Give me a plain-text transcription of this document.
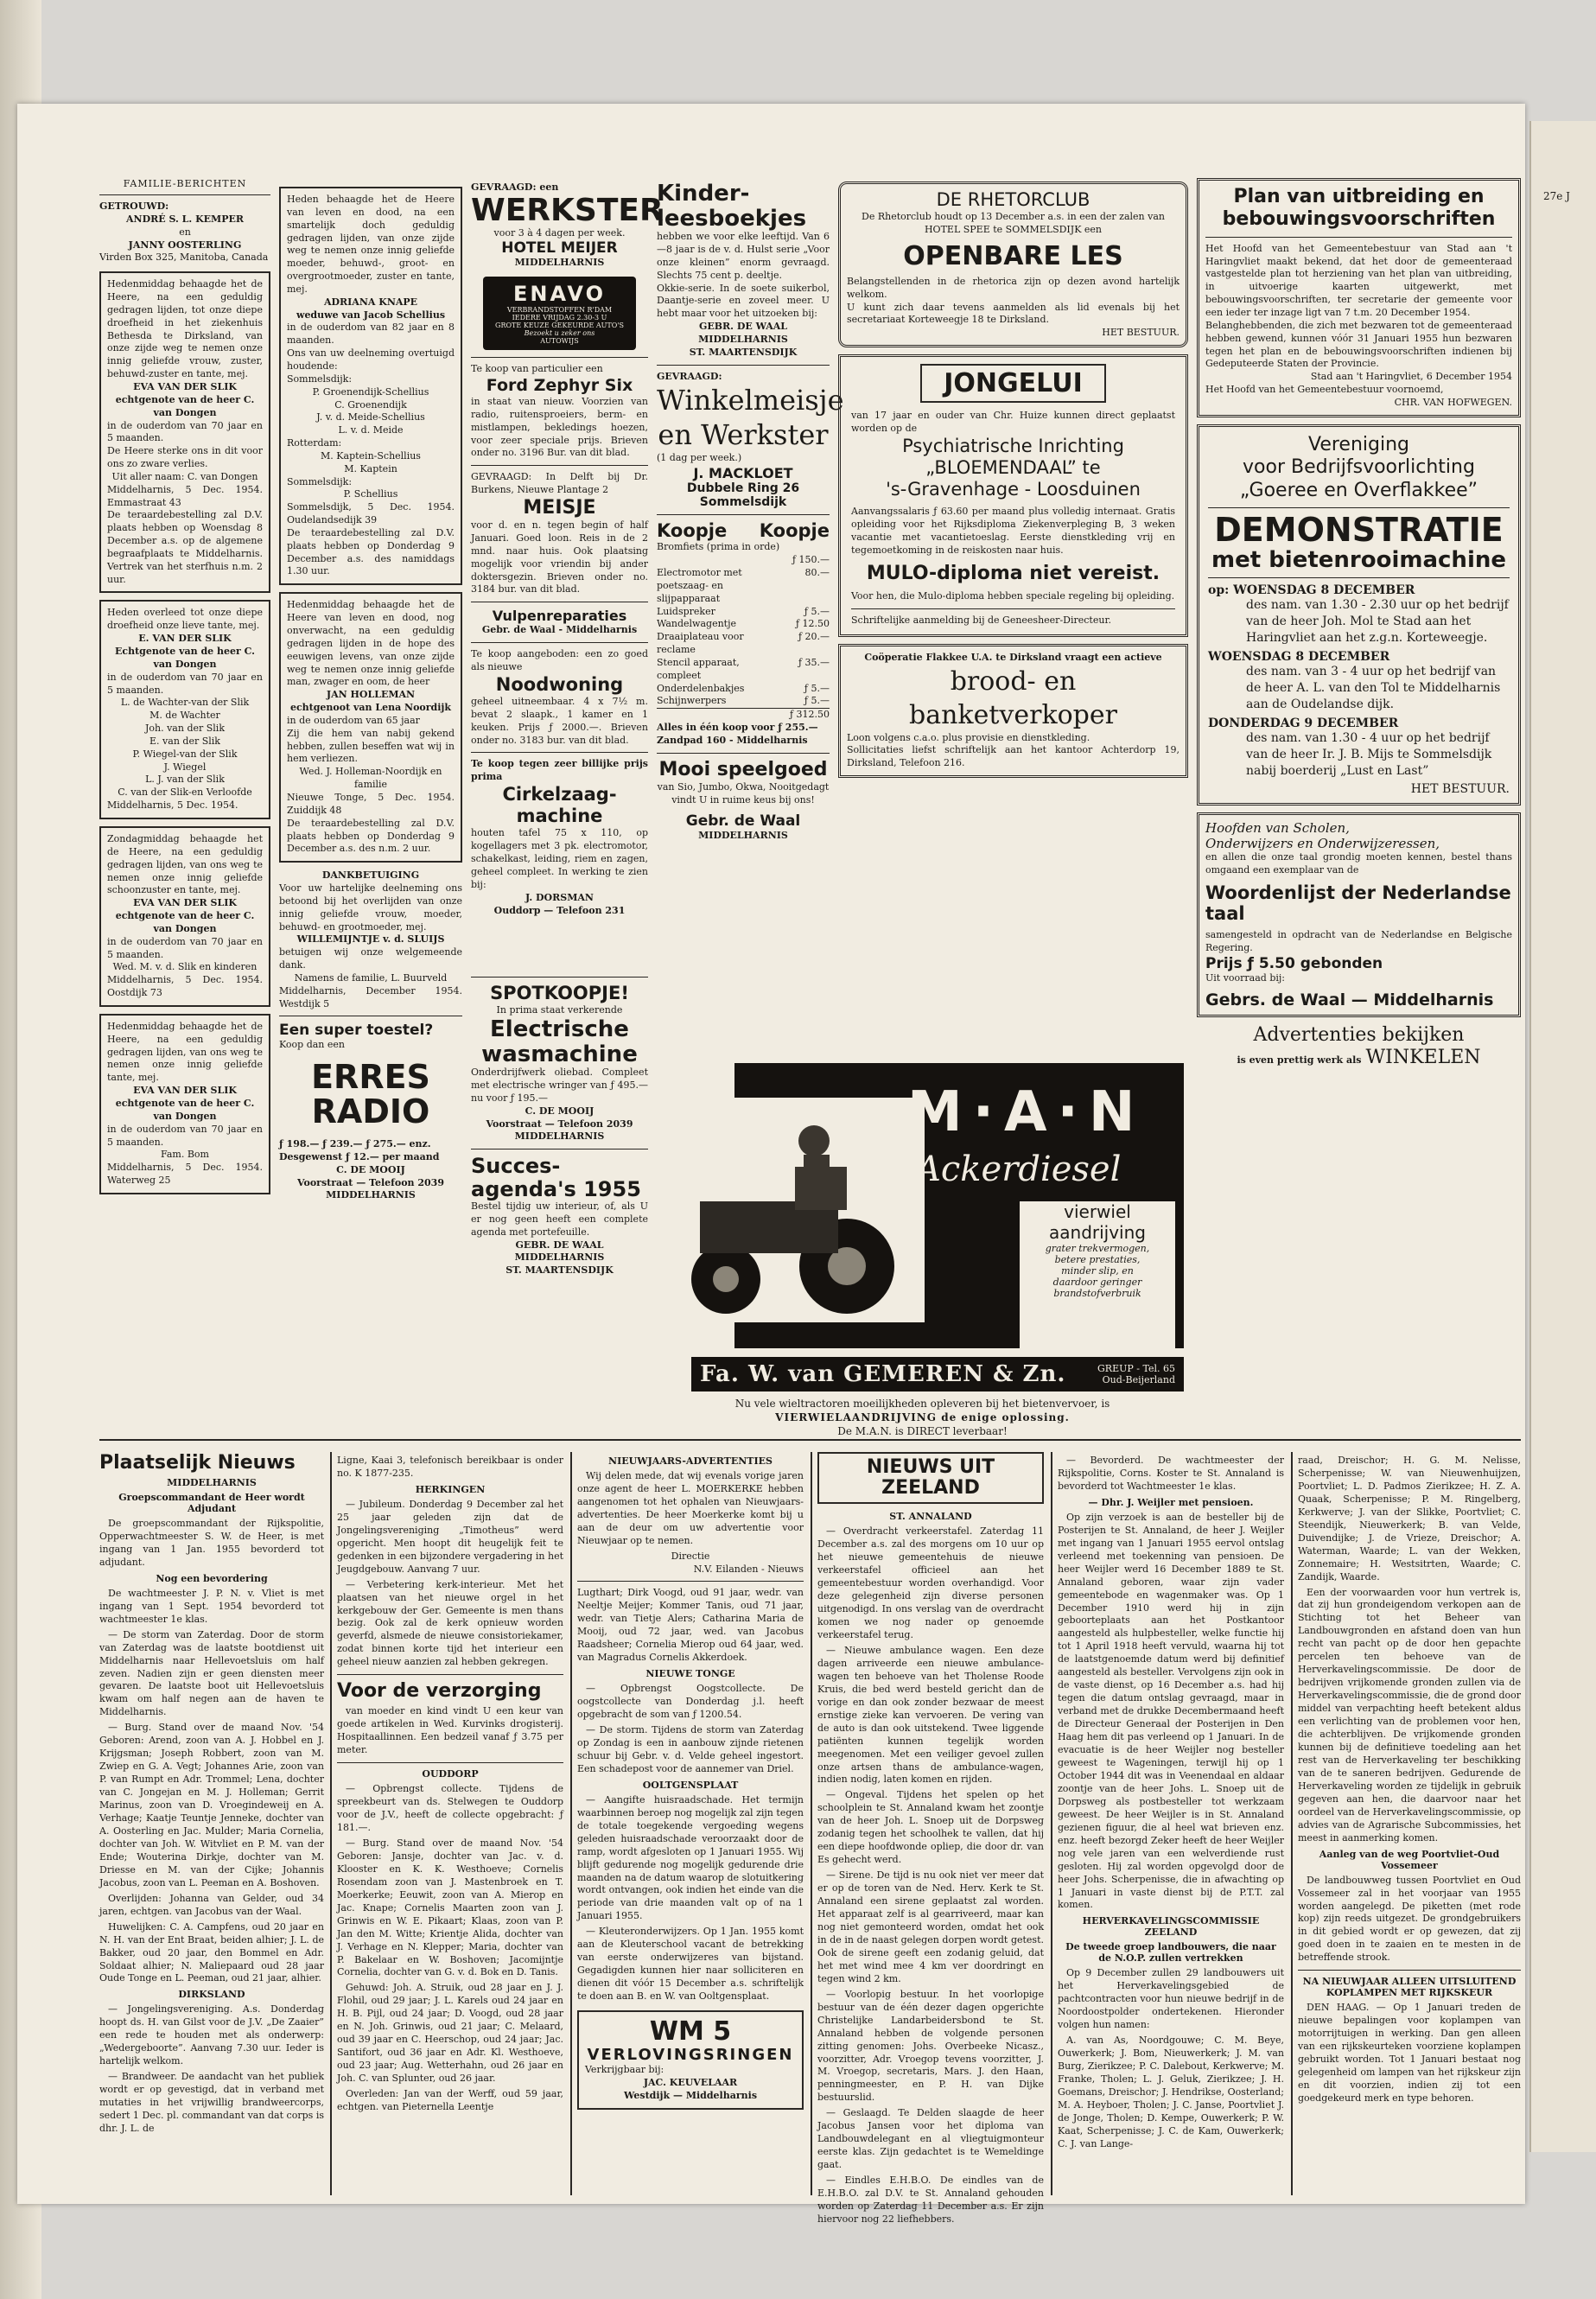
27e J
FAMILIE-BERICHTEN
GETROUWD:
ANDRÉ S. L. KEMPER
en
JANNY OOSTERLING
Virden Box 325, Manitoba, Canada
Hedenmiddag behaagde het de Heere, na een geduldig gedragen lijden, tot onze diepe droefheid in het ziekenhuis Bethesda te Dirksland, van onze zijde weg te nemen onze innig geliefde vrouw, zuster, behuwd-zuster en tante, mej.
EVA VAN DER SLIK
echtgenote van de heer C. van Dongen
in de ouderdom van 70 jaar en 5 maanden.
De Heere sterke ons in dit voor ons zo zware verlies.
Uit aller naam: C. van Dongen
Middelharnis, 5 Dec. 1954. Emmastraat 43
De teraardebestelling zal D.V. plaats hebben op Woensdag 8 December a.s. op de algemene begraafplaats te Middelharnis. Vertrek van het sterfhuis n.m. 2 uur.
Heden overleed tot onze diepe droefheid onze lieve tante, mej.
E. VAN DER SLIK
Echtgenote van de heer C. van Dongen
in de ouderdom van 70 jaar en 5 maanden.
L. de Wachter-van der Slik
M. de Wachter
Joh. van der Slik
E. van der Slik
P. Wiegel-van der Slik
J. Wiegel
L. J. van der Slik
C. van der Slik-en Verloofde
Middelharnis, 5 Dec. 1954.
Zondagmiddag behaagde het de Heere, na een geduldig gedragen lijden, van ons weg te nemen onze innig geliefde schoonzuster en tante, mej.
EVA VAN DER SLIK
echtgenote van de heer C. van Dongen
in de ouderdom van 70 jaar en 5 maanden.
Wed. M. v. d. Slik en kinderen
Middelharnis, 5 Dec. 1954. Oostdijk 73
Hedenmiddag behaagde het de Heere, na een geduldig gedragen lijden, van ons weg te nemen onze innig geliefde tante, mej.
EVA VAN DER SLIK
echtgenote van de heer C. van Dongen
in de ouderdom van 70 jaar en 5 maanden.
Fam. Bom
Middelharnis, 5 Dec. 1954. Waterweg 25
Heden behaagde het de Heere van leven en dood, na een smartelijk doch geduldig gedragen lijden, van onze zijde weg te nemen onze innig geliefde moeder, behuwd-, groot- en overgrootmoeder, zuster en tante, mej.
ADRIANA KNAPE
weduwe van Jacob Schellius
in de ouderdom van 82 jaar en 8 maanden.
Ons van uw deelneming overtuigd houdende:
Sommelsdijk:
P. Groenendijk-Schellius
C. Groenendijk
J. v. d. Meide-Schellius
L. v. d. Meide
Rotterdam:
M. Kaptein-Schellius
M. Kaptein
Sommelsdijk:
P. Schellius
Sommelsdijk, 5 Dec. 1954. Oudelandsedijk 39
De teraardebestelling zal D.V. plaats hebben op Donderdag 9 December a.s. des namiddags 1.30 uur.
Hedenmiddag behaagde het de Heere van leven en dood, nog onverwacht, na een geduldig gedragen lijden in de hope des eeuwigen levens, van onze zijde weg te nemen onze innig geliefde man, zwager en oom, de heer
JAN HOLLEMAN
echtgenoot van Lena Noordijk
in de ouderdom van 65 jaar
Zij die hem van nabij gekend hebben, zullen beseffen wat wij in hem verliezen.
Wed. J. Holleman-Noordijk en familie
Nieuwe Tonge, 5 Dec. 1954. Zuiddijk 48
De teraardebestelling zal D.V. plaats hebben op Donderdag 9 December a.s. des n.m. 2 uur.
DANKBETUIGING
Voor uw hartelijke deelneming ons betoond bij het overlijden van onze innig geliefde vrouw, moeder, behuwd- en grootmoeder, mej.
WILLEMIJNTJE v. d. SLUIJS
betuigen wij onze welgemeende dank.
Namens de familie, L. Buurveld
Middelharnis, December 1954. Westdijk 5
Een super toestel?
Koop dan een
ERRES RADIO
ƒ 198.— ƒ 239.— ƒ 275.— enz.
Desgewenst ƒ 12.— per maand
C. DE MOOIJ
Voorstraat — Telefoon 2039
MIDDELHARNIS
GEVRAAGD: een
WERKSTER
voor 3 à 4 dagen per week.
HOTEL MEIJER
MIDDELHARNIS
ENAVO
VERBRANDSTOFFEN R'DAM
IEDERE VRIJDAG 2.30-3 U
GROTE KEUZE GEKEURDE AUTO'S
Bezoekt u zeker ons
AUTOWIJS
Te koop van particulier een
Ford Zephyr Six
in staat van nieuw. Voorzien van radio, ruitensproeiers, berm- en mistlampen, bekledings hoezen, voor zeer speciale prijs. Brieven onder no. 3196 Bur. van dit blad.
GEVRAAGD: In Delft bij Dr. Burkens, Nieuwe Plantage 2
MEISJE
voor d. en n. tegen begin of half Januari. Goed loon. Reis in de 2 mnd. naar huis. Ook plaatsing mogelijk voor vriendin bij ander doktersgezin. Brieven onder no. 3184 bur. van dit blad.
Vulpenreparaties
Gebr. de Waal - Middelharnis
Te koop aangeboden: een zo goed als nieuwe
Noodwoning
geheel uitneembaar. 4 x 7½ m. bevat 2 slaapk., 1 kamer en 1 keuken. Prijs ƒ 2000.—. Brieven onder no. 3183 bur. van dit blad.
Te koop tegen zeer billijke prijs prima
Cirkelzaag-machine
houten tafel 75 x 110, op kogellagers met 3 pk. electromotor, schakelkast, leiding, riem en zagen, geheel compleet. In werking te zien bij:
J. DORSMAN
Ouddorp — Telefoon 231
SPOTKOOPJE!
In prima staat verkerende
Electrische wasmachine
Onderdrijfwerk oliebad. Compleet met electrische wringer van ƒ 495.— nu voor ƒ 195.—
C. DE MOOIJ
Voorstraat — Telefoon 2039
MIDDELHARNIS
Succes-agenda's 1955
Bestel tijdig uw interieur, of, als U er nog geen heeft een complete agenda met portefeuille.
GEBR. DE WAAL
MIDDELHARNIS
ST. MAARTENSDIJK
Kinder-leesboekjes
hebben we voor elke leeftijd. Van 6—8 jaar is de v. d. Hulst serie „Voor onze kleinen” enorm gevraagd. Slechts 75 cent p. deeltje.
Okkie-serie. In de soete suikerbol, Daantje-serie en zoveel meer. U hebt maar voor het uitzoeken bij:
GEBR. DE WAAL
MIDDELHARNIS
ST. MAARTENSDIJK
GEVRAAGD:
Winkelmeisje en Werkster
(1 dag per week.)
J. MACKLOET
Dubbele Ring 26
Sommelsdijk
Koopje Koopje
Bromfiets (prima in orde)
ƒ 150.—
Electromotor met poetszaag- en slijpapparaat
80.—
Luidspreker	ƒ 5.—
Wandelwagentje	ƒ 12.50
Draaiplateau voor reclame
ƒ 20.—
Stencil apparaat, compleet
ƒ 35.—
Onderdelenbakjes	ƒ 5.—
Schijnwerpers	ƒ 5.—
ƒ 312.50
Alles in één koop voor ƒ 255.—
Zandpad 160 - Middelharnis
Mooi speelgoed
van Sio, Jumbo, Okwa, Nooitgedagt vindt U in ruime keus bij ons!
Gebr. de Waal
MIDDELHARNIS
DE RHETORCLUB
De Rhetorclub houdt op 13 December a.s. in een der zalen van HOTEL SPEE te SOMMELSDIJK een
OPENBARE LES
Belangstellenden in de rhetorica zijn op dezen avond hartelijk welkom.
U kunt zich daar tevens aanmelden als lid evenals bij het secretariaat Korteweegje 18 te Dirksland.
HET BESTUUR.
JONGELUI
van 17 jaar en ouder van Chr. Huize kunnen direct geplaatst worden op de
Psychiatrische Inrichting
„BLOEMENDAAL” te
's-Gravenhage - Loosduinen
Aanvangssalaris ƒ 63.60 per maand plus volledig internaat. Gratis opleiding voor het Rijksdiploma Ziekenverpleging B, 3 weken vacantie met vacantietoeslag. Eerste dienstkleding vrij en tegemoetkoming in de reiskosten naar huis.
MULO-diploma niet vereist.
Voor hen, die Mulo-diploma hebben speciale regeling bij opleiding.
Schriftelijke aanmelding bij de Geneesheer-Directeur.
Coöperatie Flakkee U.A. te Dirksland vraagt een actieve
brood- en banketverkoper
Loon volgens c.a.o. plus provisie en dienstkleding.
Sollicitaties liefst schriftelijk aan het kantoor Achterdorp 19, Dirksland, Telefoon 216.
Plan van uitbreiding en bebouwingsvoorschriften
Het Hoofd van het Gemeentebestuur van Stad aan 't Haringvliet maakt bekend, dat het door de gemeenteraad vastgestelde plan tot herziening van het plan van uitbreiding, in uitvoerige kaarten uitgewerkt, met bebouwingsvoorschriften, ter secretarie der gemeente voor een ieder ter inzage ligt van 7 t.m. 20 December 1954.
Belanghebbenden, die zich met bezwaren tot de gemeenteraad hebben gewend, kunnen vóór 31 Januari 1955 hun bezwaren tegen het plan en de bebouwingsvoorschriften indienen bij Gedeputeerde Staten der Provincie.
Stad aan 't Haringvliet, 6 December 1954
Het Hoofd van het Gemeentebestuur voornoemd,
CHR. VAN HOFWEGEN.
Vereniging
voor Bedrijfsvoorlichting
„Goeree en Overflakkee”
DEMONSTRATIE
met bietenrooimachine
op: WOENSDAG 8 DECEMBER
des nam. van 1.30 - 2.30 uur op het bedrijf van de heer Joh. Mol te Stad aan het Haringvliet aan het z.g.n. Korteweegje.
WOENSDAG 8 DECEMBER
des nam. van 3 - 4 uur op het bedrijf van de heer A. L. van den Tol te Middelharnis aan de Oudelandse dijk.
DONDERDAG 9 DECEMBER
des nam. van 1.30 - 4 uur op het bedrijf van de heer Ir. J. B. Mijs te Sommelsdijk nabij boerderij „Lust en Last”
HET BESTUUR.
Hoofden van Scholen,
Onderwijzers en Onderwijzeressen,
en allen die onze taal grondig moeten kennen, bestel thans omgaand een exemplaar van de
Woordenlijst der Nederlandse taal
samengesteld in opdracht van de Nederlandse en Belgische Regering.
Prijs ƒ 5.50 gebonden
Uit voorraad bij:
Gebrs. de Waal — Middelharnis
Advertenties bekijken
is even prettig werk als WINKELEN
M·A·N
Ackerdiesel
vierwiel
aandrijving
grater trekvermogen,
betere prestaties,
minder slip, en
daardoor geringer
brandstofverbruik
Fa. W. van GEMEREN & Zn.	GREUP - Tel. 65
Oud-Beijerland
Nu vele wieltractoren moeilijkheden opleveren bij het bietenvervoer, is
VIERWIELAANDRIJVING de enige oplossing.
De M.A.N. is DIRECT leverbaar!
Plaatselijk Nieuws
MIDDELHARNIS
Groepscommandant de Heer wordt Adjudant
De groepscommandant der Rijkspolitie, Opperwachtmeester S. W. de Heer, is met ingang van 1 Jan. 1955 bevorderd tot adjudant.
Nog een bevordering
De wachtmeester J. P. N. v. Vliet is met ingang van 1 Sept. 1954 bevorderd tot wachtmeester 1e klas.
— De storm van Zaterdag. Door de storm van Zaterdag was de laatste bootdienst uit Middelharnis naar Hellevoetsluis om half zeven. Nadien zijn er geen diensten meer gevaren. De laatste boot uit Hellevoetsluis kwam om half negen aan de haven te Middelharnis.
— Burg. Stand over de maand Nov. '54 Geboren: Arend, zoon van A. J. Hobbel en J. Krijgsman; Joseph Robbert, zoon van M. Zwiep en G. A. Vegt; Johannes Arie, zoon van P. van Rumpt en Adr. Trommel; Lena, dochter van C. Jongejan en M. J. Holleman; Gerrit Marinus, zoon van D. Vroegindeweij en A. Verhage; Kaatje Teuntje Jenneke, dochter van A. Oosterling en Jac. Mulder; Maria Cornelia, dochter van Joh. W. Witvliet en P. M. van der Ende; Wouterina Dirkje, dochter van M. Driesse en M. van der Cijke; Johannis Jacobus, zoon van L. Peeman en A. Boshoven.
Overlijden: Johanna van Gelder, oud 34 jaren, echtgen. van Jacobus van der Waal.
Huwelijken: C. A. Campfens, oud 20 jaar en N. H. van der Ent Braat, beiden alhier; J. L. de Bakker, oud 20 jaar, den Bommel en Adr. Soldaat alhier; N. Maliepaard oud 28 jaar Oude Tonge en L. Peeman, oud 21 jaar, alhier.
DIRKSLAND
— Jongelingsvereniging. A.s. Donderdag hoopt ds. H. van Gilst voor de J.V. „De Zaaier” een rede te houden met als onderwerp: „Wedergeboorte”. Aanvang 7.30 uur. Ieder is hartelijk welkom.
— Brandweer. De aandacht van het publiek wordt er op gevestigd, dat in verband met mutaties in het vrijwillig brandweercorps, sedert 1 Dec. pl. commandant van dat corps is dhr. J. L. de
Ligne, Kaai 3, telefonisch bereikbaar is onder no. K 1877-235.
HERKINGEN
— Jubileum. Donderdag 9 December zal het 25 jaar geleden zijn dat de Jongelingsvereniging „Timotheus” werd opgericht. Men hoopt dit heugelijk feit te gedenken in een bijzondere vergadering in het Jeugdgebouw. Aanvang 7 uur.
— Verbetering kerk-interieur. Met het plaatsen van het nieuwe orgel in het kerkgebouw der Ger. Gemeente is men thans bezig. Ook zal de kerk opnieuw worden geverfd, alsmede de nieuwe consistoriekamer, zodat binnen korte tijd het interieur een geheel nieuw aanzien zal hebben gekregen.
Voor de verzorging
van moeder en kind vindt U een keur van goede artikelen in Wed. Kurvinks drogisterij. Hospitaallinnen. Een bedzeil vanaf ƒ 3.75 per meter.
OUDDORP
— Opbrengst collecte. Tijdens de spreekbeurt van ds. Stelwegen te Ouddorp voor de J.V., heeft de collecte opgebracht: ƒ 181.—.
— Burg. Stand over de maand Nov. '54 Geboren: Jansje, dochter van Jac. v. d. Klooster en K. K. Westhoeve; Cornelis Rosendam zoon van J. Mastenbroek en T. Moerkerke; Eeuwit, zoon van A. Mierop en Jac. Knape; Cornelis Maarten zoon van J. Grinwis en W. E. Pikaart; Klaas, zoon van P. Jan den M. Witte; Krientje Alida, dochter van J. Verhage en N. Klepper; Maria, dochter van P. Bakelaar en W. Boshoven; Jacomijntje Cornelia, dochter van G. v. d. Bok en D. Tanis.
Gehuwd: Joh. A. Struik, oud 28 jaar en J. J. Flohil, oud 29 jaar; J. L. Karels oud 24 jaar en H. B. Pijl, oud 24 jaar; D. Voogd, oud 28 jaar en N. Joh. Grinwis, oud 21 jaar; C. Melaard, oud 39 jaar en C. Heerschop, oud 24 jaar; Jac. Santifort, oud 36 jaar en Adr. Kl. Westhoeve, oud 23 jaar; Aug. Wetterhahn, oud 26 jaar en Joh. C. van Splunter, oud 26 jaar.
Overleden: Jan van der Werff, oud 59 jaar, echtgen. van Pieternella Leentje
NIEUWJAARS-ADVERTENTIES
Wij delen mede, dat wij evenals vorige jaren onze agent de heer L. MOERKERKE hebben aangenomen tot het ophalen van Nieuwjaars-advertenties. De heer Moerkerke komt bij u aan de deur om uw advertentie voor Nieuwjaar op te nemen.
Directie
N.V. Eilanden - Nieuws
Lugthart; Dirk Voogd, oud 91 jaar, wedr. van Neeltje Meijer; Kommer Tanis, oud 71 jaar, wedr. van Tietje Alers; Catharina Maria de Mooij, oud 72 jaar, wed. van Jacobus Raadsheer; Cornelia Mierop oud 64 jaar, wed. van Magradus Cornelis Akkerdoek.
NIEUWE TONGE
— Opbrengst Oogstcollecte. De oogstcollecte van Donderdag j.l. heeft opgebracht de som van ƒ 1200.54.
— De storm. Tijdens de storm van Zaterdag op Zondag is een in aanbouw zijnde rietenen schuur bij Gebr. v. d. Velde geheel ingestort. Een schadepost voor de aannemer van Driel.
OOLTGENSPLAAT
— Aangifte huisraadschade. Het termijn waarbinnen beroep nog mogelijk zal zijn tegen de totale toegekende vergoeding wegens geleden huisraadschade veroorzaakt door de ramp, wordt afgesloten op 1 Januari 1955. Wij blijft gedurende nog mogelijk gedurende drie maanden na de datum waarop de slotuitkering wordt ontvangen, ook indien het einde van die periode van drie maanden valt op of na 1 Januari 1955.
— Kleuteronderwijzers. Op 1 Jan. 1955 komt aan de Kleuterschool vacant de betrekking van eerste onderwijzeres van bijstand. Gegadigden kunnen hier naar solliciteren en dienen dit vóór 15 December a.s. schriftelijk te doen aan B. en W. van Ooltgensplaat.
WM 5
VERLOVINGSRINGEN
Verkrijgbaar bij:
JAC. KEUVELAAR
Westdijk — Middelharnis
NIEUWS UIT ZEELAND
ST. ANNALAND
— Overdracht verkeerstafel. Zaterdag 11 December a.s. zal des morgens om 10 uur op het nieuwe gemeentehuis de nieuwe verkeerstafel officieel aan het gemeentebestuur worden overhandigd. Voor deze gelegenheid zijn diverse personen uitgenodigd. In ons verslag van de overdracht komen we nog nader op genoemde verkeerstafel terug.
— Nieuwe ambulance wagen. Een deze dagen arriveerde een nieuwe ambulance-wagen ten behoeve van het Tholense Roode Kruis, die bed werd besteld gericht dan de vorige en dan ook zonder bezwaar de meest ernstige zieke kan vervoeren. De vering van de auto is dan ook uitstekend. Twee liggende patiënten kunnen tegelijk worden meegenomen. Met een veiliger gevoel zullen onze artsen thans de ambulance-wagen, indien nodig, laten komen en rijden.
— Ongeval. Tijdens het spelen op het schoolplein te St. Annaland kwam het zoontje van de heer Joh. L. Snoep uit de Dorpsweg zodanig tegen het schoolhek te vallen, dat hij een diepe hoofdwonde opliep, die door dr. van Es gehecht werd.
— Sirene. De tijd is nu ook niet ver meer dat er op de toren van de Ned. Herv. Kerk te St. Annaland een sirene geplaatst zal worden. Het apparaat zelf is al gearriveerd, maar kan nog niet gemonteerd worden, omdat het ook in de in de naast gelegen dorpen wordt getest. Ook de sirene geeft een zodanig geluid, dat het met wind mee 4 km ver doordringt en tegen wind 2 km.
— Voorlopig bestuur. In het voorlopige bestuur van de één dezer dagen opgerichte Christelijke Landarbeidersbond te St. Annaland hebben de volgende personen zitting genomen: Johs. Overbeeke Nicasz., voorzitter, Adr. Vroegop tevens voorzitter, J. M. Vroegop, secretaris, Mars. J. den Haan, penningmeester, en P. H. van Dijke bestuurslid.
— Geslaagd. Te Delden slaagde de heer Jacobus Jansen voor het diploma van Landbouwdelegant en al vliegtuigmonteur eerste klas. Zijn gedachtet is te Wemeldinge gaat.
— Eindles E.H.B.O. De eindles van de E.H.B.O. zal D.V. te St. Annaland gehouden worden op Zaterdag 11 December a.s. Er zijn hiervoor nog 22 liefhebbers.
— Bevorderd. De wachtmeester der Rijkspolitie, Corns. Koster te St. Annaland is bevorderd tot Wachtmeester 1e klas.
— Dhr. J. Weijler met pensioen.
Op zijn verzoek is aan de besteller bij de Posterijen te St. Annaland, de heer J. Weijler met ingang van 1 Januari 1955 eervol ontslag verleend met toekenning van pensioen. De heer Weijler werd 16 December 1889 te St. Annaland geboren, waar zijn vader gemeentebode en wagenmaker was. Op 1 December 1910 werd hij in zijn geboorteplaats aan het Postkantoor aangesteld als hulpbesteller, welke functie hij tot 1 April 1918 heeft vervuld, waarna hij tot de laatstgenoemde datum werd bij definitief aangesteld als besteller. Vervolgens zijn ook in de vaste dienst, op 16 December a.s. had hij tegen die datum ontslag gevraagd, maar in verband met de drukke Decembermaand heeft de Directeur Generaal der Posterijen in Den Haag hem dit pas verleend op 1 Januari. In de evacuatie is de heer Weijler nog besteller geweest te Wageningen, terwijl hij op 1 October 1944 dit was in Veenendaal en aldaar zoontje van de heer Johs. L. Snoep uit de Dorpsweg als postbesteller tot werkzaam geweest. De heer Weijler is in St. Annaland gezienen figuur, die al heel wat brieven enz. enz. heeft bezorgd Zeker heeft de heer Weijler nog vele jaren van een welverdiende rust gesloten. Hij zal worden opgevolgd door de heer Johs. Scherpenisse, die in afwachting op 1 Januari in vaste dienst bij de P.T.T. zal komen.
HERVERKAVELINGSCOMMISSIE ZEELAND
De tweede groep landbouwers, die naar de N.O.P. zullen vertrekken
Op 9 December zullen 29 landbouwers uit het Herverkavelingsgebied de pachtcontracten voor hun nieuwe bedrijf in de Noordoostpolder ondertekenen. Hieronder volgen hun namen:
A. van As, Noordgouwe; C. M. Beye, Ouwerkerk; J. Bom, Nieuwerkerk; J. M. van Burg, Zierikzee; P. C. Dalebout, Kerkwerve; M. Franke, Tholen; L. J. Geluk, Zierikzee; J. H. Goemans, Dreischor; J. Hendrikse, Oosterland; M. A. Heyboer, Tholen; J. C. Janse, Poortvliet J. de Jonge, Tholen; D. Kempe, Ouwerkerk; P. W. Kaat, Scherpenisse; J. C. de Kam, Ouwerkerk; C. J. van Lange-
raad, Dreischor; H. G. M. Nelisse, Scherpenisse; W. van Nieuwenhuijzen, Poortvliet; L. D. Padmos Zierikzee; H. Z. A. Quaak, Scherpenisse; P. M. Ringelberg, Kerkwerve; J. van der Slikke, Poortvliet; C. Steendijk, Nieuwerkerk; B. van Velde, Duivendijke; J. de Vrieze, Dreischor; A. Waterman, Waarde; L. van der Wekken, Zonnemaire; H. Westsitrten, Waarde; C. Zandijk, Waarde.
Een der voorwaarden voor hun vertrek is, dat zij hun grondeigendom verkopen aan de Stichting tot het Beheer van Landbouwgronden en afstand doen van hun recht van pacht op de door hen gepachte percelen ten behoeve van de Herverkavelingscommissie. De door de bedrijven vrijkomende gronden zullen via de Herverkavelingscommissie, die de grond door middel van verpachting heeft betekent aldus een verlichting van de problemen voor hen, die achterblijven. De vrijkomende gronden kunnen bij de definitieve toedeling aan het rest van de Herverkaveling ter beschikking van de te saneren bedrijven. Gedurende de Herverkaveling worden ze tijdelijk in gebruik gegeven aan hen, die daarvoor naar het oordeel van de Herverkavelingscommissie, op advies van de Agrarische Subcommissies, het meest in aanmerking komen.
Aanleg van de weg Poortvliet-Oud Vossemeer
De landbouwweg tussen Poortvliet en Oud Vossemeer zal in het voorjaar van 1955 worden aangelegd. De piketten (met rode kop) zijn reeds uitgezet. De grondgebruikers in dit gebied wordt er op gewezen, dat zij goed doen in te zaaien en te mesten in de betreffende strook.
NA NIEUWJAAR ALLEEN UITSLUITEND KOPLAMPEN MET RIJKSKEUR
DEN HAAG. — Op 1 Januari treden de nieuwe bepalingen voor koplampen van motorrijtuigen in werking. Dan gen alleen van een rijkskeurteken voorziene koplampen gebruikt worden. Tot 1 Januari bestaat nog gelegenheid om lampen van het rijkskeur zijn en dit voorzien, indien zij tot een goedgekeurd merk en type behoren.
